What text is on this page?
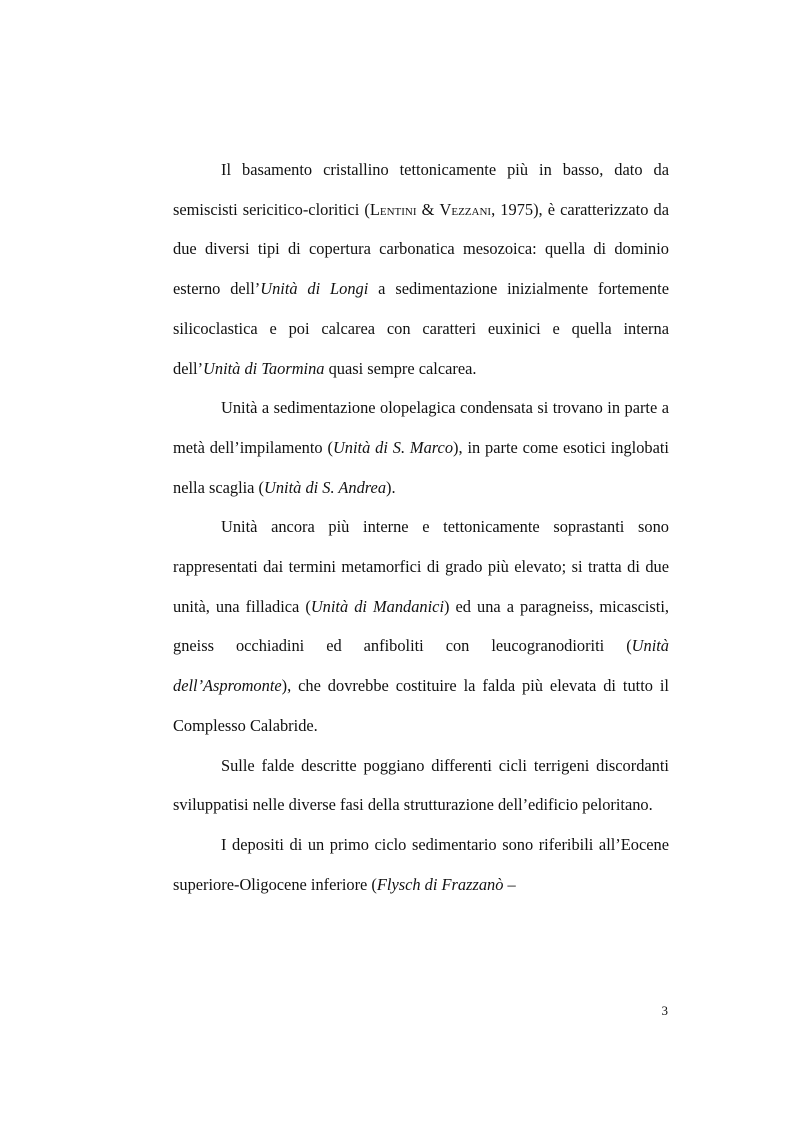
Il basamento cristallino tettonicamente più in basso, dato da semiscisti sericitico-cloritici (Lentini & Vezzani, 1975), è caratterizzato da due diversi tipi di copertura carbonatica mesozoica: quella di dominio esterno dell’Unità di Longi a sedimentazione inizialmente fortemente silicoclastica e poi calcarea con caratteri euxinici e quella interna dell’Unità di Taormina quasi sempre calcarea.

Unità a sedimentazione olopelagica condensata si trovano in parte a metà dell’impilamento (Unità di S. Marco), in parte come esotici inglobati nella scaglia (Unità di S. Andrea).

Unità ancora più interne e tettonicamente soprastanti sono rappresentati dai termini metamorfici di grado più elevato; si tratta di due unità, una filladica (Unità di Mandanici) ed una a paragneiss, micascisti, gneiss occhiadini ed anfiboliti con leucogranodioriti (Unità dell’Aspromonte), che dovrebbe costituire la falda più elevata di tutto il Complesso Calabride.

Sulle falde descritte poggiano differenti cicli terrigeni discordanti sviluppatisi nelle diverse fasi della strutturazione dell’edificio peloritano.

I depositi di un primo ciclo sedimentario sono riferibili all’Eocene superiore-Oligocene inferiore (Flysch di Frazzanò –

3
